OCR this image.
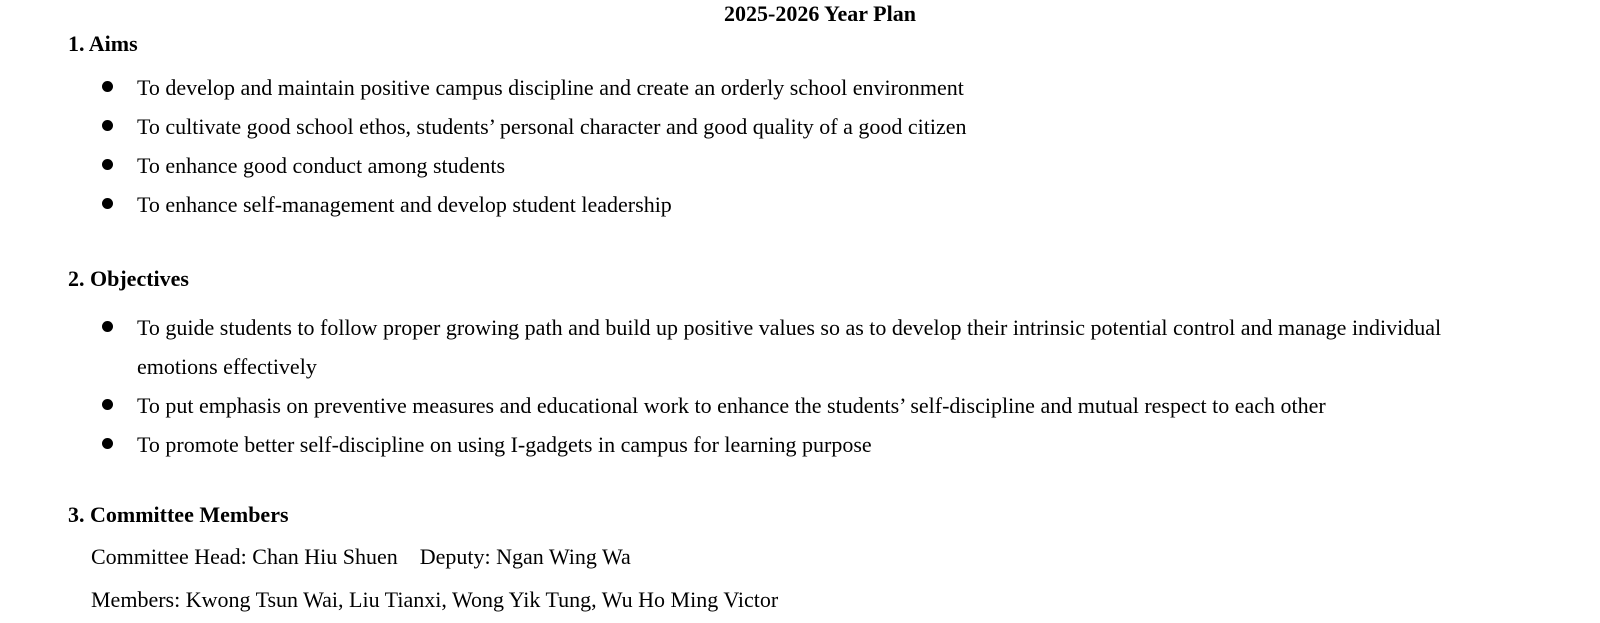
2025-2026 Year Plan
1. Aims
To develop and maintain positive campus discipline and create an orderly school environment
To cultivate good school ethos, students’ personal character and good quality of a good citizen
To enhance good conduct among students
To enhance self-management and develop student leadership
2. Objectives
To guide students to follow proper growing path and build up positive values so as to develop their intrinsic potential control and manage individual emotions effectively
To put emphasis on preventive measures and educational work to enhance the students’ self-discipline and mutual respect to each other
To promote better self-discipline on using I-gadgets in campus for learning purpose
3. Committee Members
Committee Head: Chan Hiu Shuen    Deputy: Ngan Wing Wa
Members: Kwong Tsun Wai, Liu Tianxi, Wong Yik Tung, Wu Ho Ming Victor
